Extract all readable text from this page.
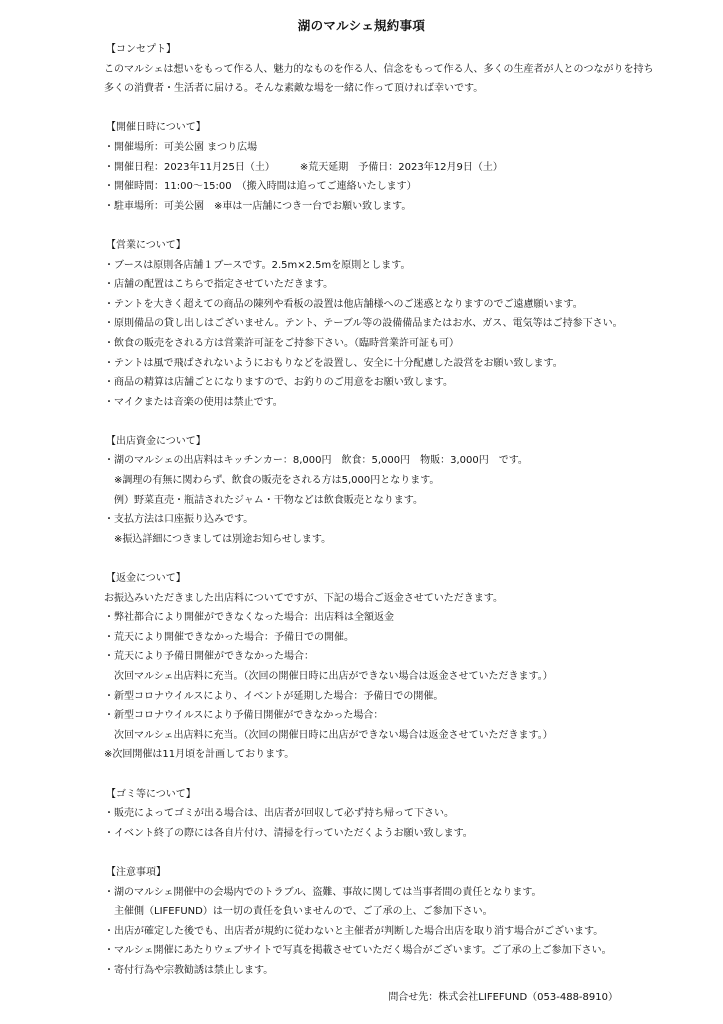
湖のマルシェ規約事項
【コンセプト】
このマルシェは想いをもって作る人、魅力的なものを作る人、信念をもって作る人、多くの生産者が人とのつながりを持ち
多くの消費者・生活者に届ける。そんな素敵な場を一緒に作って頂ければ幸いです。
【開催日時について】
・開催場所：可美公園 まつり広場
・開催日程：2023年11月25日（土）　　　※荒天延期　予備日：2023年12月9日（土）
・開催時間：11:00～15:00　（搬入時間は追ってご連絡いたします）
・駐車場所：可美公園　※車は一店舗につき一台でお願い致します。
【営業について】
・ブースは原則各店舗１ブースです。2.5m×2.5mを原則とします。
・店舗の配置はこちらで指定させていただきます。
・テントを大きく超えての商品の陳列や看板の設置は他店舗様へのご迷惑となりますのでご遠慮願います。
・原則備品の貸し出しはございません。テント、テーブル等の設備備品またはお水、ガス、電気等はご持参下さい。
・飲食の販売をされる方は営業許可証をご持参下さい。（臨時営業許可証も可）
・テントは風で飛ばされないようにおもりなどを設置し、安全に十分配慮した設営をお願い致します。
・商品の精算は店舗ごとになりますので、お釣りのご用意をお願い致します。
・マイクまたは音楽の使用は禁止です。
【出店資金について】
・湖のマルシェの出店料はキッチンカー：8,000円　飲食：5,000円　物販：3,000円　です。
　※調理の有無に関わらず、飲食の販売をされる方は5,000円となります。
　例）野菜直売・瓶詰されたジャム・干物などは飲食販売となります。
・支払方法は口座振り込みです。
　※振込詳細につきましては別途お知らせします。
【返金について】
お振込みいただきました出店料についてですが、下記の場合ご返金させていただきます。
・弊社都合により開催ができなくなった場合：出店料は全額返金
・荒天により開催できなかった場合：予備日での開催。
・荒天により予備日開催ができなかった場合：
　次回マルシェ出店料に充当。（次回の開催日時に出店ができない場合は返金させていただきます。）
・新型コロナウイルスにより、イベントが延期した場合：予備日での開催。
・新型コロナウイルスにより予備日開催ができなかった場合：
　次回マルシェ出店料に充当。（次回の開催日時に出店ができない場合は返金させていただきます。）
※次回開催は11月頃を計画しております。
【ゴミ等について】
・販売によってゴミが出る場合は、出店者が回収して必ず持ち帰って下さい。
・イベント終了の際には各自片付け、清掃を行っていただくようお願い致します。
【注意事項】
・湖のマルシェ開催中の会場内でのトラブル、盗難、事故に関しては当事者間の責任となります。
　主催側（LIFEFUND）は一切の責任を負いませんので、ご了承の上、ご参加下さい。
・出店が確定した後でも、出店者が規約に従わないと主催者が判断した場合出店を取り消す場合がございます。
・マルシェ開催にあたりウェブサイトで写真を掲載させていただく場合がございます。ご了承の上ご参加下さい。
・寄付行為や宗教勧誘は禁止します。
問合せ先：株式会社LIFEFUND（053-488-8910）
